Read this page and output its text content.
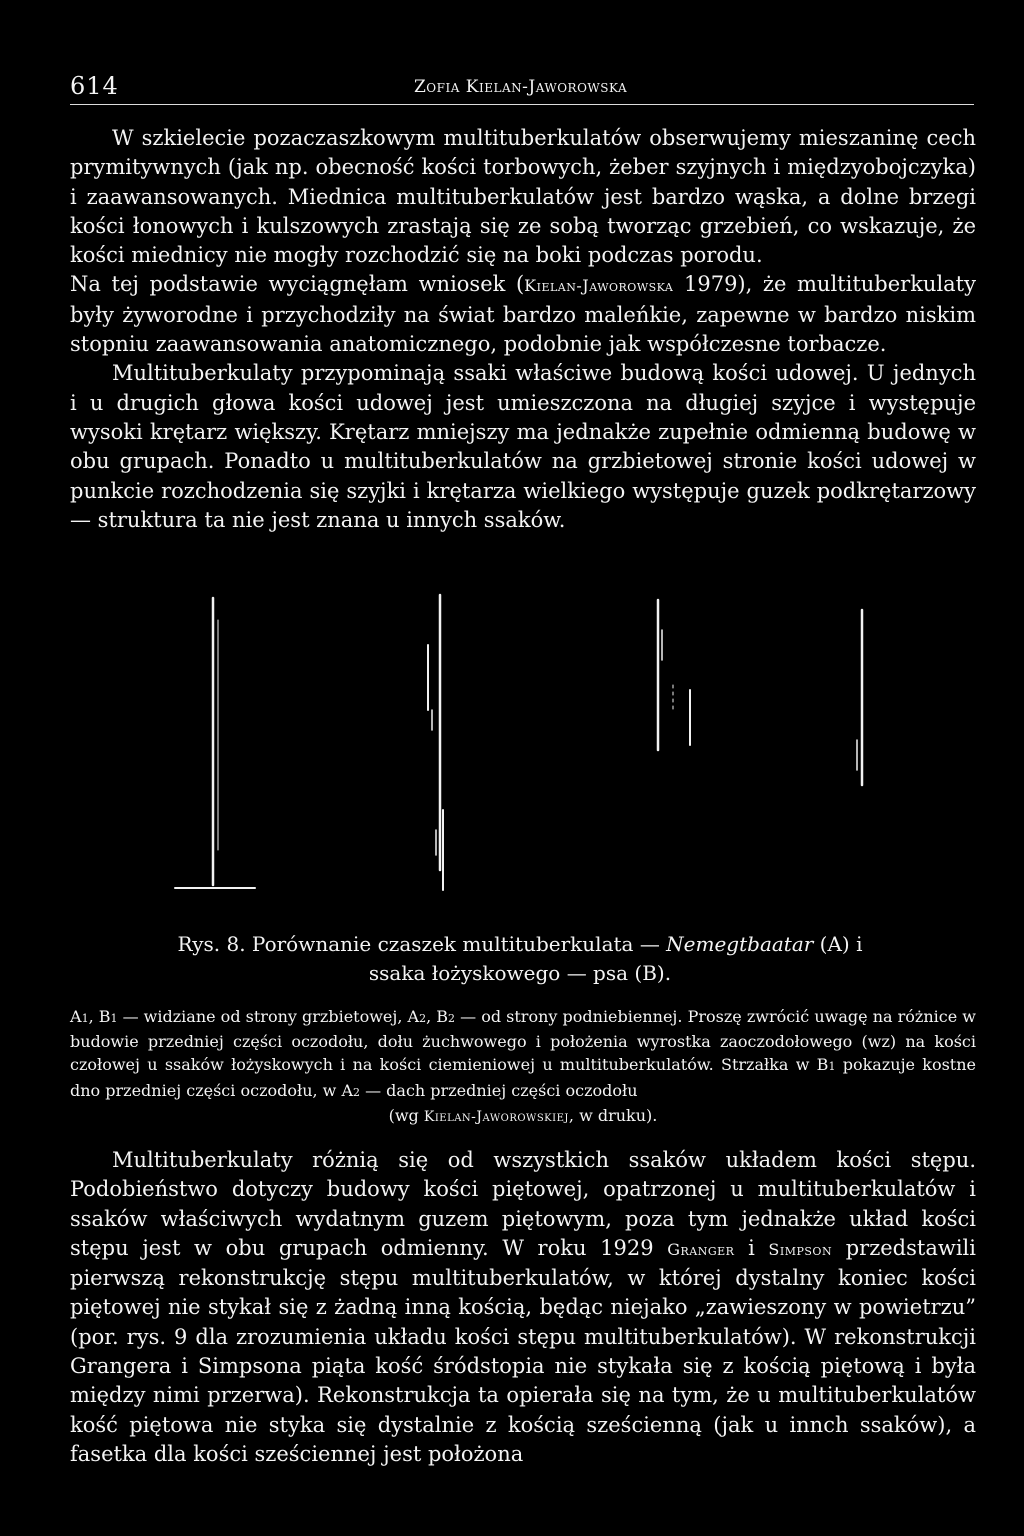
614	Zofia Kielan-Jaworowska

W szkielecie pozaczaszkowym multituberkulatów obserwujemy mieszaninę cech prymitywnych (jak np. obecność kości torbowych, żeber szyjnych i międzyobojczyka) i zaawansowanych. Miednica multituberkulatów jest bardzo wąska, a dolne brzegi kości łonowych i kulszowych zrastają się ze sobą tworząc grzebień, co wskazuje, że kości miednicy nie mogły rozchodzić się na boki podczas porodu.

Na tej podstawie wyciągnęłam wniosek (Kielan-Jaworowska 1979), że multituberkulaty były żyworodne i przychodziły na świat bardzo maleńkie, zapewne w bardzo niskim stopniu zaawansowania anatomicznego, podobnie jak współczesne torbacze.

Multituberkulaty przypominają ssaki właściwe budową kości udowej. U jednych i u drugich głowa kości udowej jest umieszczona na długiej szyjce i występuje wysoki krętarz większy. Krętarz mniejszy ma jednakże zupełnie odmienną budowę w obu grupach. Ponadto u multituberkulatów na grzbietowej stronie kości udowej w punkcie rozchodzenia się szyjki i krętarza wielkiego występuje guzek podkrętarzowy — struktura ta nie jest znana u innych ssaków.

Rys. 8. Porównanie czaszek multituberkulata — Nemegtbaatar (A) i ssaka łożyskowego — psa (B).
A1, B1 — widziane od strony grzbietowej, A2, B2 — od strony podniebiennej. Proszę zwrócić uwagę na różnice w budowie przedniej części oczodołu, dołu żuchwowego i położenia wyrostka zaoczodołowego (wz) na kości czołowej u ssaków łożyskowych i na kości ciemieniowej u multituberkulatów. Strzałka w B1 pokazuje kostne dno przedniej części oczodołu, w A2 — dach przedniej części oczodołu
(wg Kielan-Jaworowskiej, w druku).

Multituberkulaty różnią się od wszystkich ssaków układem kości stępu. Podobieństwo dotyczy budowy kości piętowej, opatrzonej u multituberkulatów i ssaków właściwych wydatnym guzem piętowym, poza tym jednakże układ kości stępu jest w obu grupach odmienny. W roku 1929 Granger i Simpson przedstawili pierwszą rekonstrukcję stępu multituberkulatów, w której dystalny koniec kości piętowej nie stykał się z żadną inną kością, będąc niejako „zawieszony w powietrzu” (por. rys. 9 dla zrozumienia układu kości stępu multituberkulatów). W rekonstrukcji Grangera i Simpsona piąta kość śródstopia nie stykała się z kością piętową i była między nimi przerwa). Rekonstrukcja ta opierała się na tym, że u multituberkulatów kość piętowa nie styka się dystalnie z kością sześcienną (jak u innch ssaków), a fasetka dla kości sześciennej jest położona
